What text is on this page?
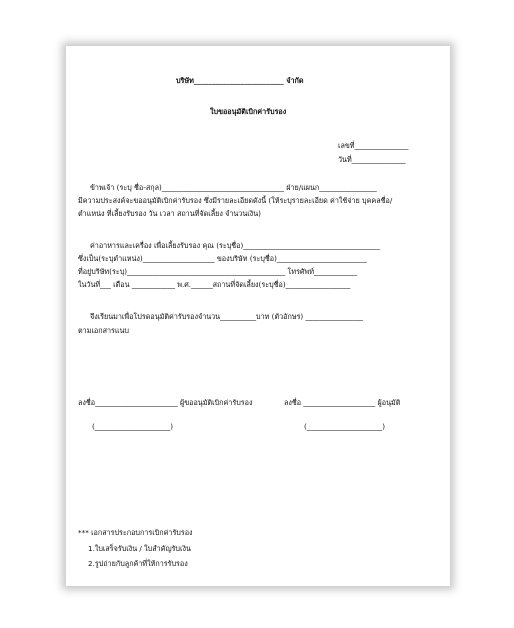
บริษัท_________________________ จำกัด
ใบขออนุมัติเบิกค่ารับรอง
เลขที่_______________
วันที่_______________
ข้าพเจ้า (ระบุ ชื่อ-สกุล)__________________________________ ฝ่าย/แผนก________________
มีความประสงค์จะขออนุมัติเบิกค่ารับรอง ซึ่งมีรายละเอียดดังนี้ (ให้ระบุรายละเอียด ค่าใช้จ่าย บุคคลชื่อ/
ตำแหน่ง ที่เลี้ยงรับรอง วัน เวลา สถานที่จัดเลี้ยง จำนวนเงิน)
ค่าอาหารและเครื่อง เพื่อเลี้ยงรับรอง คุณ (ระบุชื่อ)______________________________________
ซึ่งเป็น(ระบุตำแหน่ง)____________________ ของบริษัท (ระบุชื่อ)_________________________
ที่อยู่บริษัท(ระบุ)____________________________________________ โทรศัพท์____________
ในวันที่___ เดือน ____________ พ.ศ.______สถานที่จัดเลี้ยง(ระบุชื่อ)__________________
จึงเรียนมาเพื่อโปรดอนุมัติค่ารับรองจำนวน__________บาท (ตัวอักษร) ________________
ตามเอกสารแนบ
ลงชื่อ_______________________ ผู้ขออนุมัติเบิกค่ารับรอง
(_____________________)
ลงชื่อ ____________________ ผู้อนุมัติ
(_____________________)
*** เอกสารประกอบการเบิกค่ารับรอง
1.ใบเสร็จรับเงิน / ใบสำคัญรับเงิน
2.รูปถ่ายกับลูกค้าที่ให้การรับรอง
